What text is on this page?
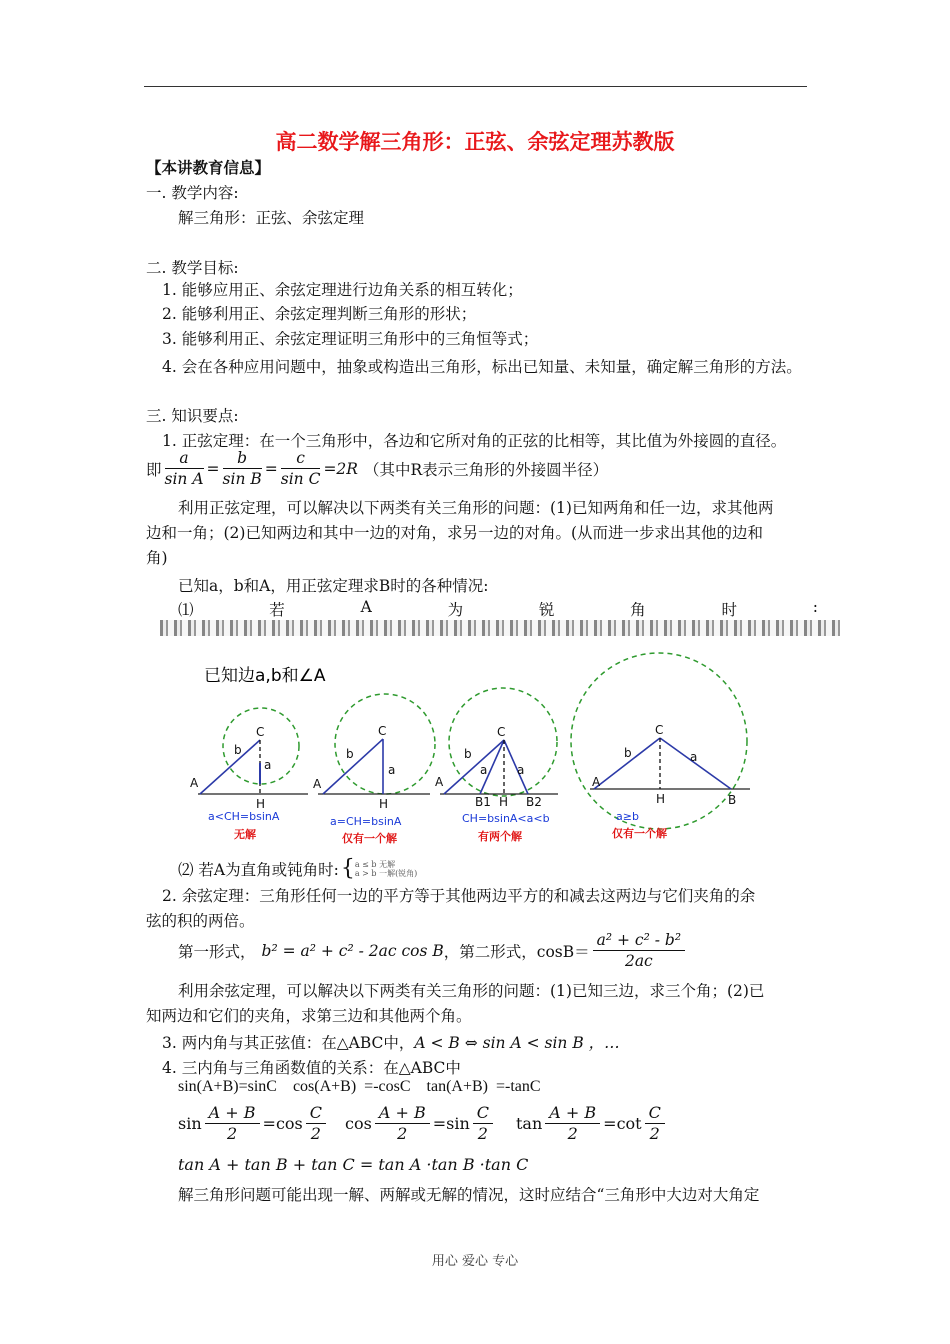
高二数学解三角形：正弦、余弦定理苏教版
【本讲教育信息】
一. 教学内容:
解三角形：正弦、余弦定理
二. 教学目标:
1. 能够应用正、余弦定理进行边角关系的相互转化；
2. 能够利用正、余弦定理判断三角形的形状；
3. 能够利用正、余弦定理证明三角形中的三角恒等式；
4. 会在各种应用问题中，抽象或构造出三角形，标出已知量、未知量，确定解三角形的方法。
三. 知识要点:
1. 正弦定理：在一个三角形中，各边和它所对角的正弦的比相等，其比值为外接圆的直径。
即 $\frac{a}{\text{sin A}} = \frac{b}{\text{sin B}} = \frac{c}{\text{sin C}} =2R$ （其中R表示三角形的外接圆半径）
利用正弦定理，可以解决以下两类有关三角形的问题：(1)已知两角和任一边，求其他两
边和一角；(2)已知两边和其中一边的对角，求另一边的对角。(从而进一步求出其他的边和
角)
已知a，b和A，用正弦定理求B时的各种情况:
⑴	若	A	为	锐	角	时	:
已知边a,b和∠A
A
C
H
b
a
A
C
H
b
a
A
C
H
b
a a
B1	B2
A
C
H
b	a
B
a<CH=bsinA	a=CH=bsinA	CH=bsinA<a<b	a≥b
无解	仅有一个解	有两个解	仅有一个解
⑵ 若A为直角或钝角时: { a ≤ b 无解
a > b 一解(锐角)
2. 余弦定理：三角形任何一边的平方等于其他两边平方的和减去这两边与它们夹角的余
弦的积的两倍。
第一形式， b² = a² + c² - 2ac cos B ，第二形式，$\cos B= \frac{\text{a² + c² - b²}}{2ac}$
利用余弦定理，可以解决以下两类有关三角形的问题：(1)已知三边，求三个角；(2)已
知两边和它们的夹角，求第三边和其他两个角。
3. 两内角与其正弦值：在△ABC中，A < B ⇔ sin A < sin B ，…
4. 三内角与三角函数值的关系：在△ABC中
sin(A+B)=sinC    cos(A+B)  =-cosC    tan(A+B)  =-tanC
$\sin \frac{A + B}{2} =\cos \frac{C}{2}$ $\cos \frac{A + B}{2} =\sin \frac{C}{2}$ $\tan \frac{A + B}{2} =\cot \frac{C}{2}$
tan A + tan B + tan C = tan A ·tan B ·tan C
解三角形问题可能出现一解、两解或无解的情况，这时应结合“三角形中大边对大角定
用心 爱心 专心
